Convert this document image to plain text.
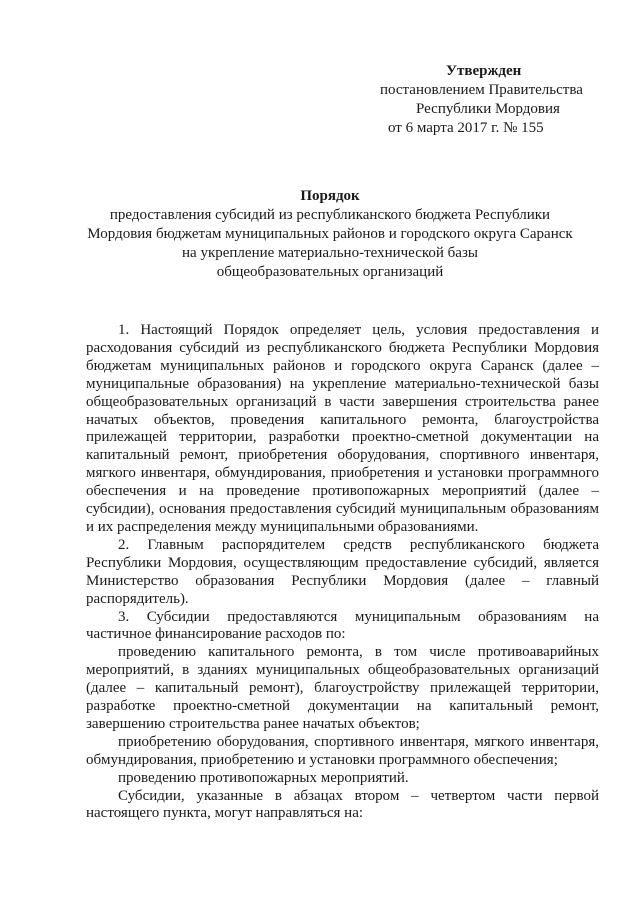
Утвержден
постановлением Правительства
Республики Мордовия
от 6 марта 2017 г. № 155
Порядок
предоставления субсидий из республиканского бюджета Республики
Мордовия бюджетам муниципальных районов и городского округа Саранск
на укрепление материально-технической базы
общеобразовательных организаций

1. Настоящий Порядок определяет цель, условия предоставления и расходования субсидий из республиканского бюджета Республики Мордовия бюджетам муниципальных районов и городского округа Саранск (далее – муниципальные образования) на укрепление материально-технической базы общеобразовательных организаций в части завершения строительства ранее начатых объектов, проведения капитального ремонта, благоустройства прилежащей территории, разработки проектно-сметной документации на капитальный ремонт, приобретения оборудования, спортивного инвентаря, мягкого инвентаря, обмундирования, приобретения и установки программного обеспечения и на проведение противопожарных мероприятий (далее – субсидии), основания предоставления субсидий муниципальным образованиям и их распределения между муниципальными образованиями.

2. Главным распорядителем средств республиканского бюджета Республики Мордовия, осуществляющим предоставление субсидий, является Министерство образования Республики Мордовия (далее – главный распорядитель).

3. Субсидии предоставляются муниципальным образованиям на частичное финансирование расходов по:

проведению капитального ремонта, в том числе противоаварийных мероприятий, в зданиях муниципальных общеобразовательных организаций (далее – капитальный ремонт), благоустройству прилежащей территории, разработке проектно-сметной документации на капитальный ремонт, завершению строительства ранее начатых объектов;

приобретению оборудования, спортивного инвентаря, мягкого инвентаря, обмундирования, приобретению и установки программного обеспечения;

проведению противопожарных мероприятий.

Субсидии, указанные в абзацах втором – четвертом части первой настоящего пункта, могут направляться на:
